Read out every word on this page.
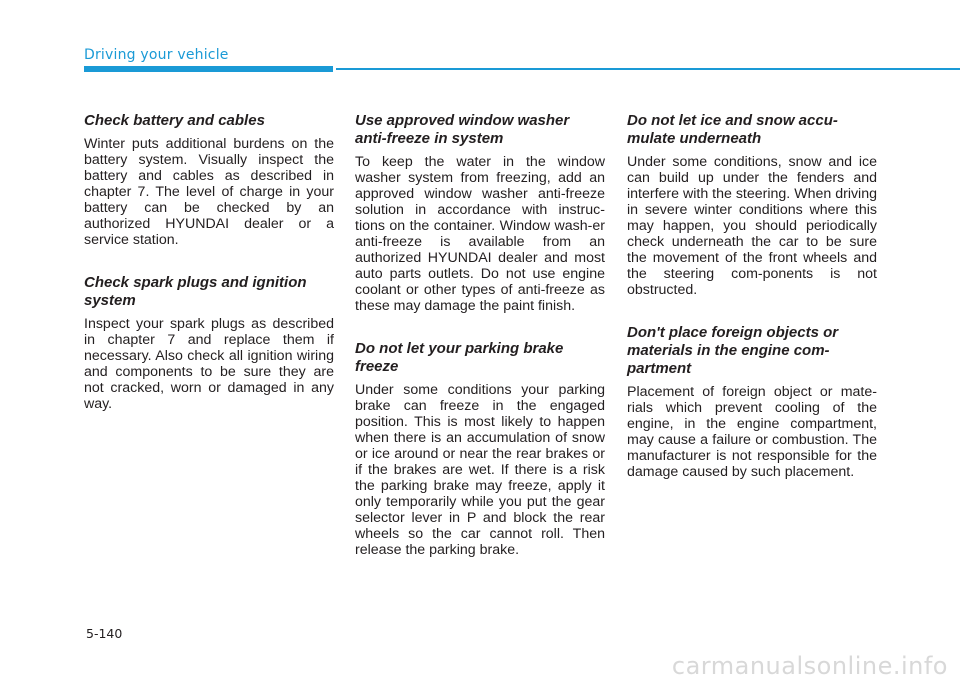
Driving your vehicle
Check battery and cables

Winter puts additional burdens on the battery system. Visually inspect the battery and cables as described in chapter 7. The level of charge in your battery can be checked by an authorized HYUNDAI dealer or a service station.

Check spark plugs and ignition system

Inspect your spark plugs as described in chapter 7 and replace them if necessary. Also check all ignition wiring and components to be sure they are not cracked, worn or damaged in any way.

Use approved window washer anti-freeze in system

To keep the water in the window washer system from freezing, add an approved window washer anti-freeze solution in accordance with instruc-tions on the container. Window wash-er anti-freeze is available from an authorized HYUNDAI dealer and most auto parts outlets. Do not use engine coolant or other types of anti-freeze as these may damage the paint finish.

Do not let your parking brake freeze

Under some conditions your parking brake can freeze in the engaged position. This is most likely to happen when there is an accumulation of snow or ice around or near the rear brakes or if the brakes are wet. If there is a risk the parking brake may freeze, apply it only temporarily while you put the gear selector lever in P and block the rear wheels so the car cannot roll. Then release the parking brake.

Do not let ice and snow accu-mulate underneath

Under some conditions, snow and ice can build up under the fenders and interfere with the steering. When driving in severe winter conditions where this may happen, you should periodically check underneath the car to be sure the movement of the front wheels and the steering com-ponents is not obstructed.

Don't place foreign objects or materials in the engine com-partment

Placement of foreign object or mate-rials which prevent cooling of the engine, in the engine compartment, may cause a failure or combustion. The manufacturer is not responsible for the damage caused by such placement.

5-140
carmanualsonline.info
